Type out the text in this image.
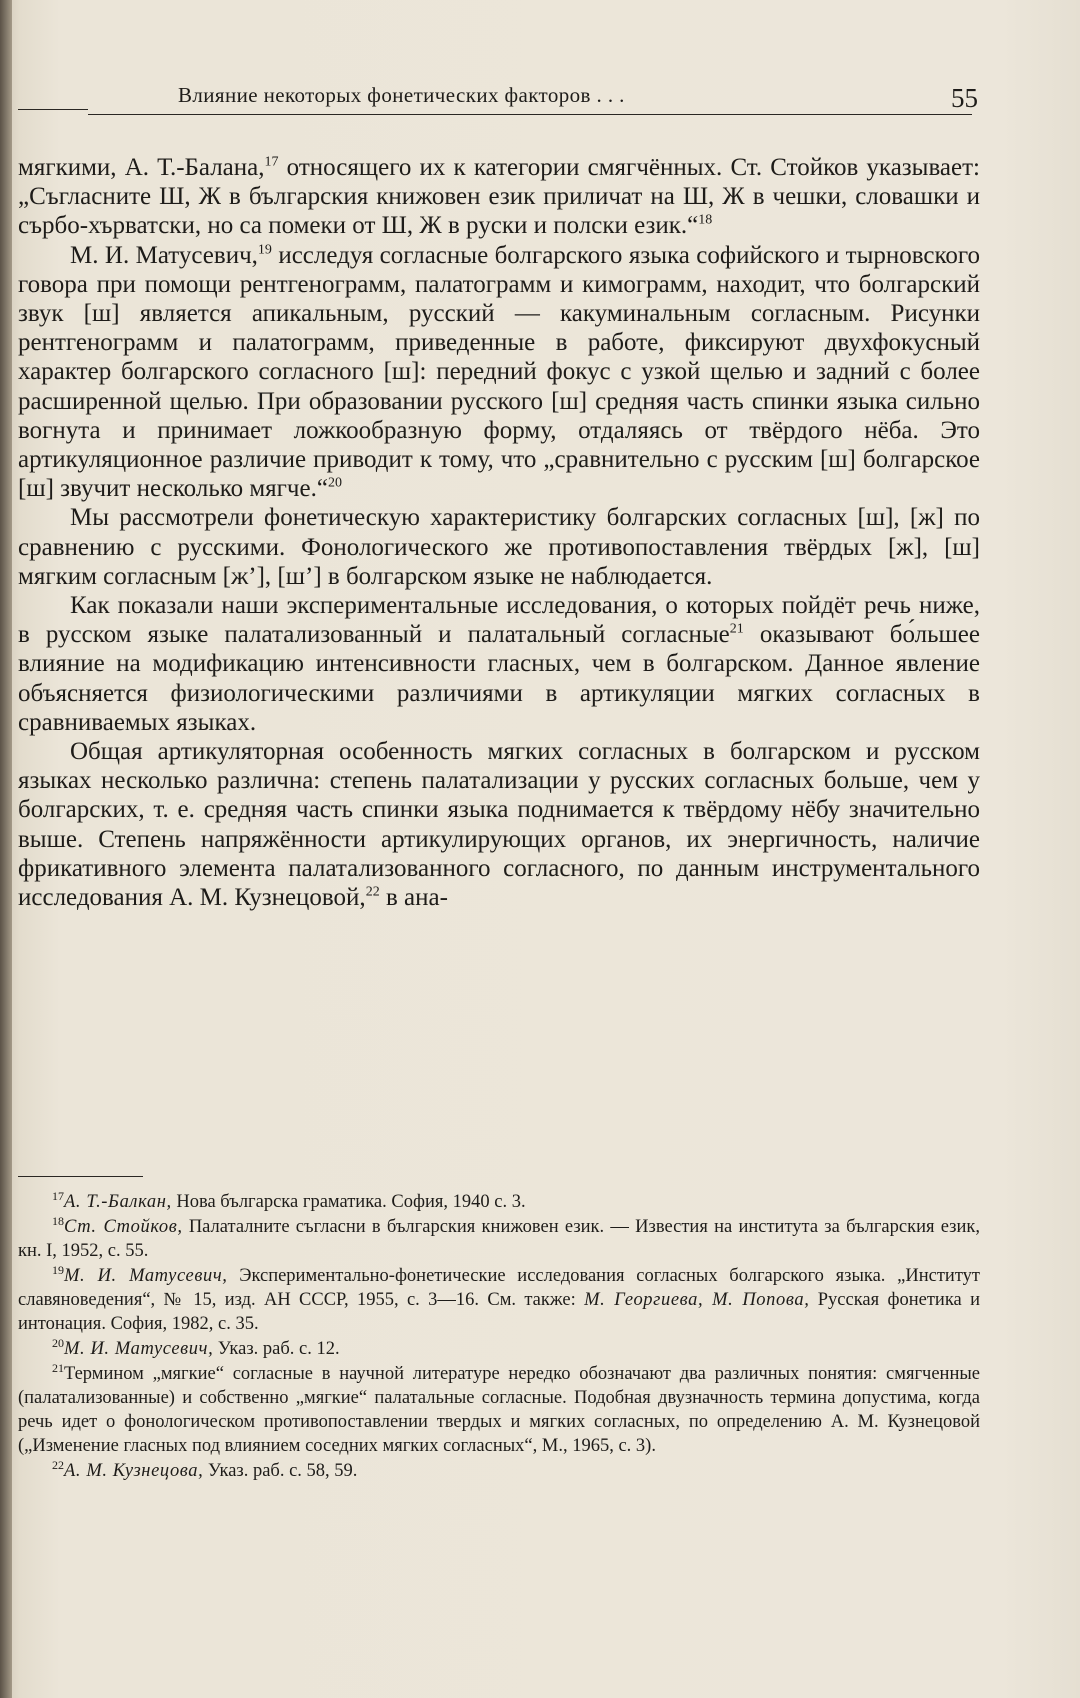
Влияние некоторых фонетических факторов . . .	55

мягкими, А. Т.-Балана,$^{17}$ относящего их к категории смягчённых. Ст. Стойков указывает: „Съгласните Ш, Ж в българския книжовен език приличат на Ш, Ж в чешки, словашки и сърбо-хърватски, но са помеки от Ш, Ж в руски и полски език.“$^{18}$

М. И. Матусевич,$^{19}$ исследуя согласные болгарского языка софийского и тырновского говора при помощи рентгенограмм, палатограмм и кимограмм, находит, что болгарский звук [ш] является апикальным, русский — какуминальным согласным. Рисунки рентгенограмм и палатограмм, приведенные в работе, фиксируют двухфокусный характер болгарского согласного [ш]: передний фокус с узкой щелью и задний с более расширенной щелью. При образовании русского [ш] средняя часть спинки языка сильно вогнута и принимает ложкообразную форму, отдаляясь от твёрдого нёба. Это артикуляционное различие приводит к тому, что „сравнительно с русским [ш] болгарское [ш] звучит несколько мягче.“$^{20}$

Мы рассмотрели фонетическую характеристику болгарских согласных [ш], [ж] по сравнению с русскими. Фонологического же противопоставления твёрдых [ж], [ш] мягким согласным [ж’], [ш’] в болгарском языке не наблюдается.

Как показали наши экспериментальные исследования, о которых пойдёт речь ниже, в русском языке палатализованный и палатальный согласные$^{21}$ оказывают бо́льшее влияние на модификацию интенсивности гласных, чем в болгарском. Данное явление объясняется физиологическими различиями в артикуляции мягких согласных в сравниваемых языках.

Общая артикуляторная особенность мягких согласных в болгарском и русском языках несколько различна: степень палатализации у русских согласных больше, чем у болгарских, т. е. средняя часть спинки языка поднимается к твёрдому нёбу значительно выше. Степень напряжённости артикулирующих органов, их энергичность, наличие фрикативного элемента палатализованного согласного, по данным инструментального исследования А. М. Кузнецовой,$^{22}$ в ана-

$^{17}$А. Т.-Балкан, Нова българска граматика. София, 1940 с. 3.

$^{18}$Ст. Стойков, Палаталните съгласни в българския книжовен език. — Известия на института за българския език, кн. I, 1952, с. 55.

$^{19}$М. И. Матусевич, Экспериментально-фонетические исследования согласных болгарского языка. „Институт славяноведения“, № 15, изд. АН СССР, 1955, с. 3—16. См. также: М. Георгиева, М. Попова, Русская фонетика и интонация. София, 1982, с. 35.

$^{20}$М. И. Матусевич, Указ. раб. с. 12.

$^{21}$Термином „мягкие“ согласные в научной литературе нередко обозначают два различных понятия: смягченные (палатализованные) и собственно „мягкие“ палатальные согласные. Подобная двузначность термина допустима, когда речь идет о фонологическом противопоставлении твердых и мягких согласных, по определению А. М. Кузнецовой („Изменение гласных под влиянием соседних мягких согласных“, М., 1965, с. 3).

$^{22}$А. М. Кузнецова, Указ. раб. с. 58, 59.
